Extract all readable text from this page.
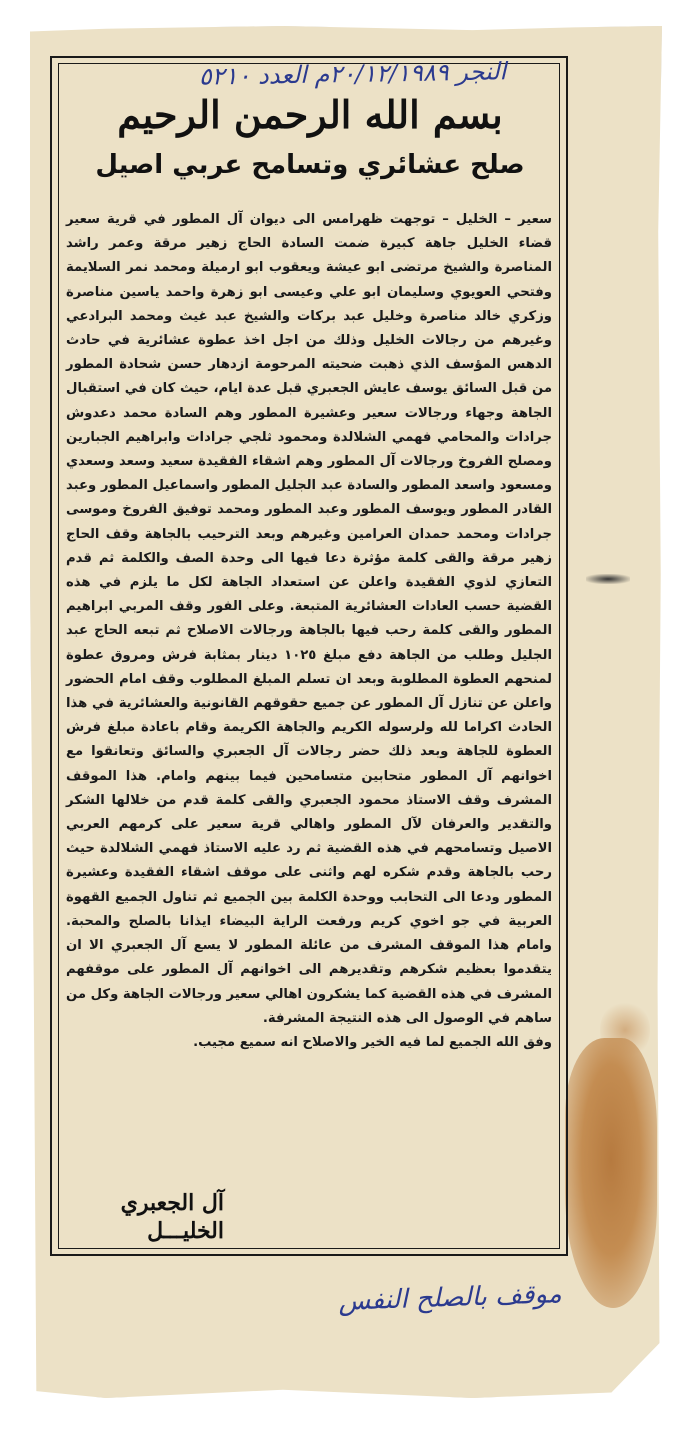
النجر ٢٠/١٢/١٩٨٩م العدد ٥٢١٠
بسم الله الرحمن الرحيم
صلح عشائري وتسامح عربي اصيل

سعير – الخليل – توجهت ظهرامس الى ديوان آل المطور في قرية سعير قضاء الخليل جاهة كبيرة ضمت السادة الحاج زهير مرقة وعمر راشد المناصرة والشيخ مرتضى ابو عيشة ويعقوب ابو ارميلة ومحمد نمر السلايمة وفتحي العويوي وسليمان ابو علي وعيسى ابو زهرة واحمد ياسين مناصرة وزكري خالد مناصرة وخليل عبد بركات والشيخ عبد غيث ومحمد البرادعي وغيرهم من رجالات الخليل وذلك من اجل اخذ عطوة عشائرية في حادث الدهس المؤسف الذي ذهبت ضحيته المرحومة ازدهار حسن شحادة المطور من قبل السائق يوسف عايش الجعبري قبل عدة ايام، حيث كان في استقبال الجاهة وجهاء ورجالات سعير وعشيرة المطور وهم السادة محمد دعدوش جرادات والمحامي فهمي الشلالدة ومحمود ثلجي جرادات وابراهيم الجبارين ومصلح الفروخ ورجالات آل المطور وهم اشقاء الفقيدة سعيد وسعد وسعدي ومسعود واسعد المطور والسادة عبد الجليل المطور واسماعيل المطور وعبد القادر المطور ويوسف المطور وعبد المطور ومحمد توفيق الفروخ وموسى جرادات ومحمد حمدان العرامين وغيرهم وبعد الترحيب بالجاهة وقف الحاج زهير مرقة والقى كلمة مؤثرة دعا فيها الى وحدة الصف والكلمة ثم قدم التعازي لذوي الفقيدة واعلن عن استعداد الجاهة لكل ما يلزم في هذه القضية حسب العادات العشائرية المتبعة. وعلى الفور وقف المربي ابراهيم المطور والقى كلمة رحب فيها بالجاهة ورجالات الاصلاح ثم تبعه الحاج عبد الجليل وطلب من الجاهة دفع مبلغ ١٠٢٥ دينار بمثابة فرش ومروق عطوة لمنحهم العطوة المطلوبة وبعد ان تسلم المبلغ المطلوب وقف امام الحضور واعلن عن تنازل آل المطور عن جميع حقوقهم القانونية والعشائرية في هذا الحادث اكراما لله ولرسوله الكريم والجاهة الكريمة وقام باعادة مبلغ فرش العطوة للجاهة وبعد ذلك حضر رجالات آل الجعبري والسائق وتعانقوا مع اخوانهم آل المطور متحابين متسامحين فيما بينهم وامام. هذا الموقف المشرف وقف الاستاذ محمود الجعبري والقى كلمة قدم من خلالها الشكر والتقدير والعرفان لآل المطور واهالي قرية سعير على كرمهم العربي الاصيل وتسامحهم في هذه القضية ثم رد عليه الاستاذ فهمي الشلالدة حيث رحب بالجاهة وقدم شكره لهم واثنى على موقف اشقاء الفقيدة وعشيرة المطور ودعا الى التحابب ووحدة الكلمة بين الجميع ثم تناول الجميع القهوة العربية في جو اخوي كريم ورفعت الراية البيضاء ايذانا بالصلح والمحبة. وامام هذا الموقف المشرف من عائلة المطور لا يسع آل الجعبري الا ان يتقدموا بعظيم شكرهم وتقديرهم الى اخوانهم آل المطور على موقفهم المشرف في هذه القضية كما يشكرون اهالي سعير ورجالات الجاهة وكل من ساهم في الوصول الى هذه النتيجة المشرفة.

وفق الله الجميع لما فيه الخير والاصلاح انه سميع مجيب.

آل الجعبري
الخليـــل
موقف بالصلح النفس
